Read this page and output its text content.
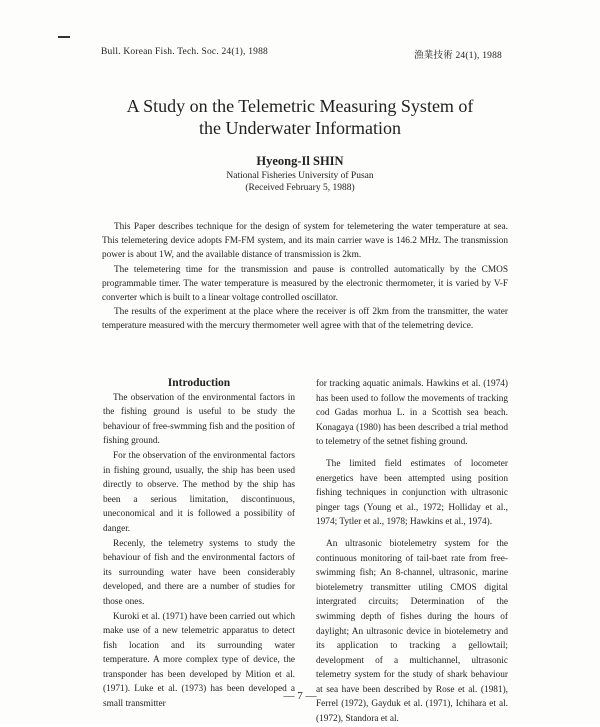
Bull. Korean Fish. Tech. Soc. 24(1), 1988	漁業技術 24(1), 1988
A Study on the Telemetric Measuring System of
the Underwater Information
Hyeong-Il SHIN
National Fisheries University of Pusan
(Received February 5, 1988)

This Paper describes technique for the design of system for telemetering the water temperature at sea. This telemetering device adopts FM-FM system, and its main carrier wave is 146.2 MHz. The transmission power is about 1W, and the available distance of transmission is 2km.

The telemetering time for the transmission and pause is controlled automatically by the CMOS programmable timer. The water temperature is measured by the electronic thermometer, it is varied by V-F converter which is built to a linear voltage controlled oscillator.

The results of the experiment at the place where the receiver is off 2km from the transmitter, the water temperature measured with the mercury thermometer well agree with that of the telemetring device.

Introduction

The observation of the environmental factors in the fishing ground is useful to be study the behaviour of free-swmming fish and the position of fishing ground.

For the observation of the environmental factors in fishing ground, usually, the ship has been used directly to observe. The method by the ship has been a serious limitation, discontinuous, uneconomical and it is followed a possibility of danger.

Recenly, the telemetry systems to study the behaviour of fish and the environmental factors of its surrounding water have been considerably developed, and there are a number of studies for those ones.

Kuroki et al. (1971) have been carried out which make use of a new telemetric apparatus to detect fish location and its surrounding water temperature. A more complex type of device, the transponder has been developed by Mition et al. (1971). Luke et al. (1973) has been developed a small transmitter

for tracking aquatic animals. Hawkins et al. (1974) has been used to follow the movements of tracking cod Gadas morhua L. in a Scottish sea beach. Konagaya (1980) has been described a trial method to telemetry of the setnet fishing ground.

The limited field estimates of locometer energetics have been attempted using position fishing techniques in conjunction with ultrasonic pinger tags (Young et al., 1972; Holliday et al., 1974; Tytler et al., 1978; Hawkins et al., 1974).

An ultrasonic biotelemetry system for the continuous monitoring of tail-baet rate from free-swimming fish; An 8-channel, ultrasonic, marine biotelemetry transmitter utiling CMOS digital intergrated circuits; Determination of the swimming depth of fishes during the hours of daylight; An ultrasonic device in biotelemetry and its application to tracking a gellowtail; development of a multichannel, ultrasonic telemetry system for the study of shark behaviour at sea have been described by Rose et al. (1981), Ferrel (1972), Gayduk et al. (1971), Ichihara et al. (1972), Standora et al.

— 7 —
